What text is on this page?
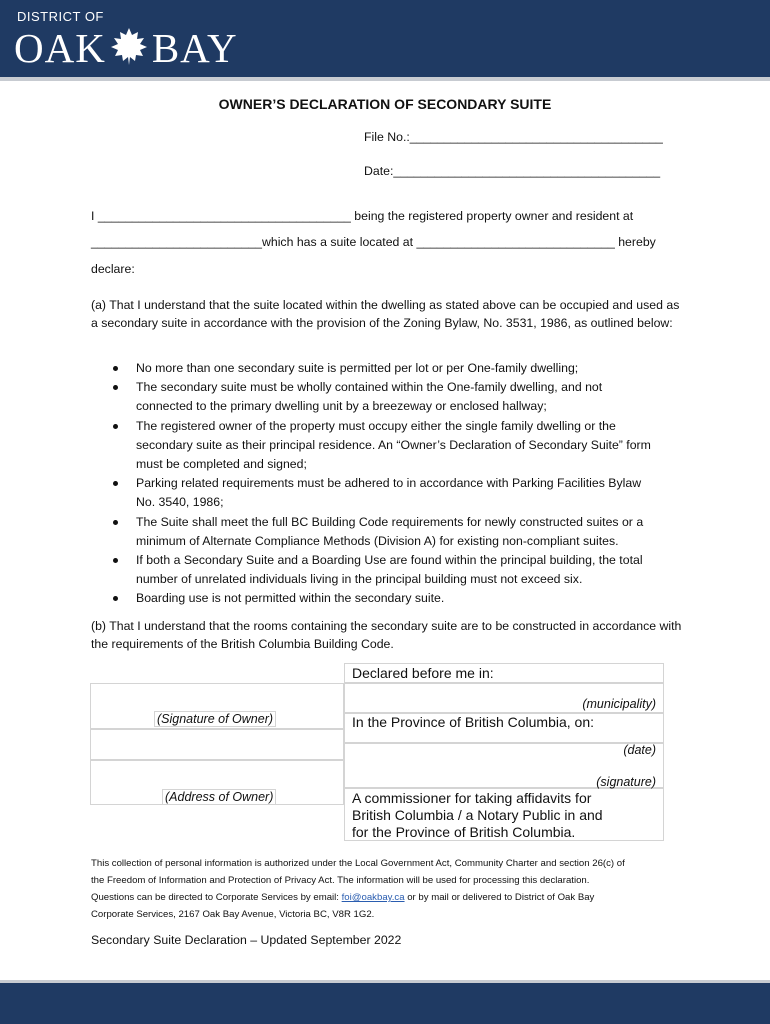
DISTRICT OF
OAK BAY
OWNER’S DECLARATION OF SECONDARY SUITE
File No.:_____________________________________
Date:_______________________________________
I _____________________________________ being the registered property owner and resident at
_________________________which has a suite located at _____________________________ hereby
declare:
(a) That I understand that the suite located within the dwelling as stated above can be occupied and used as a secondary suite in accordance with the provision of the Zoning Bylaw, No. 3531, 1986, as outlined below:
No more than one secondary suite is permitted per lot or per One-family dwelling;
The secondary suite must be wholly contained within the One-family dwelling, and not connected to the primary dwelling unit by a breezeway or enclosed hallway;
The registered owner of the property must occupy either the single family dwelling or the secondary suite as their principal residence. An “Owner’s Declaration of Secondary Suite” form must be completed and signed;
Parking related requirements must be adhered to in accordance with Parking Facilities Bylaw No. 3540, 1986;
The Suite shall meet the full BC Building Code requirements for newly constructed suites or a minimum of Alternate Compliance Methods (Division A) for existing non-compliant suites.
If both a Secondary Suite and a Boarding Use are found within the principal building, the total number of unrelated individuals living in the principal building must not exceed six.
Boarding use is not permitted within the secondary suite.
(b) That I understand that the rooms containing the secondary suite are to be constructed in accordance with the requirements of the British Columbia Building Code.
Declared before me in:
(municipality)
(Signature of Owner)	In the Province of British Columbia, on:
(date)
(signature)
(Address of Owner)	A commissioner for taking affidavits for
British Columbia / a Notary Public in and
for the Province of British Columbia.
This collection of personal information is authorized under the Local Government Act, Community Charter and section 26(c) of
the Freedom of Information and Protection of Privacy Act. The information will be used for processing this declaration.
Questions can be directed to Corporate Services by email: foi@oakbay.ca or by mail or delivered to District of Oak Bay
Corporate Services, 2167 Oak Bay Avenue, Victoria BC, V8R 1G2.
Secondary Suite Declaration – Updated September 2022
